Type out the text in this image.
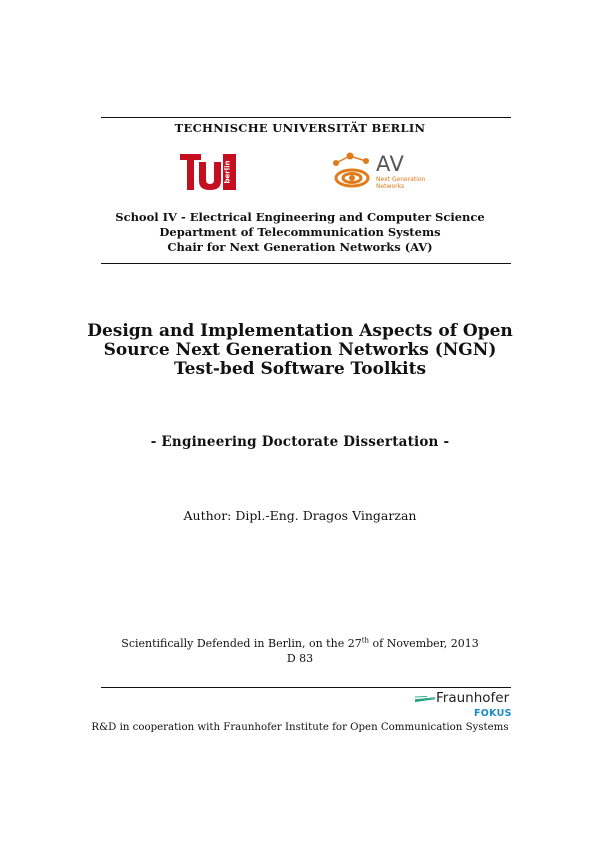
TECHNISCHE UNIVERSITÄT BERLIN
berlin	AV
Next Generation
Networks
School IV - Electrical Engineering and Computer Science
Department of Telecommunication Systems
Chair for Next Generation Networks (AV)
Design and Implementation Aspects of Open
Source Next Generation Networks (NGN)
Test-bed Software Toolkits
- Engineering Doctorate Dissertation -
Author: Dipl.-Eng. Dragos Vingarzan
Scientifically Defended in Berlin, on the 27th of November, 2013
D 83
Fraunhofer
FOKUS
R&D in cooperation with Fraunhofer Institute for Open Communication Systems
